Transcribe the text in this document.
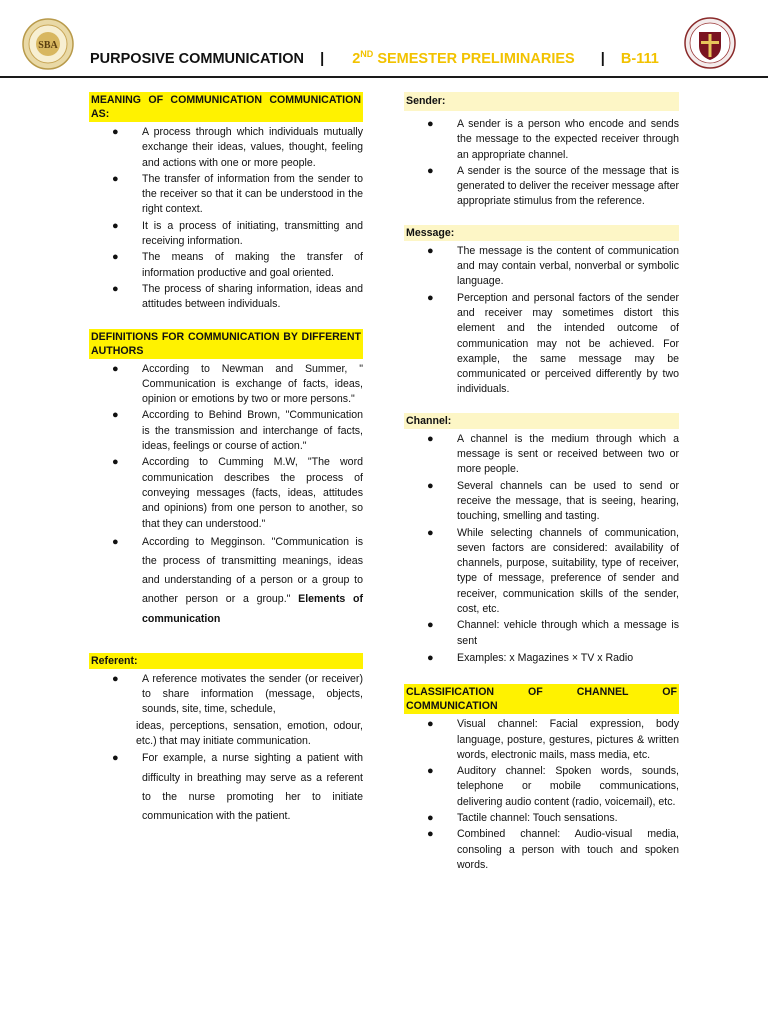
SBA
PURPOSIVE COMMUNICATION | 2ND SEMESTER PRELIMINARIES | B-111
MEANING OF COMMUNICATION COMMUNICATION AS:
● A process through which individuals mutually exchange their ideas, values, thought, feeling and actions with one or more people.
● The transfer of information from the sender to the receiver so that it can be understood in the right context.
● It is a process of initiating, transmitting and receiving information.
● The means of making the transfer of information productive and goal oriented.
● The process of sharing information, ideas and attitudes between individuals.
DEFINITIONS FOR COMMUNICATION BY DIFFERENT AUTHORS
● According to Newman and Summer, " Communication is exchange of facts, ideas, opinion or emotions by two or more persons."
● According to Behind Brown, "Communication is the transmission and interchange of facts, ideas, feelings or course of action."
● According to Cumming M.W, "The word communication describes the process of conveying messages (facts, ideas, attitudes and opinions) from one person to another, so that they can understood."
● According to Megginson. "Communication is the process of transmitting meanings, ideas and understanding of a person or a group to another person or a group." Elements of communication
Referent:
● A reference motivates the sender (or receiver) to share information (message, objects, sounds, site, time, schedule,
ideas, perceptions, sensation, emotion, odour, etc.) that may initiate communication.
● For example, a nurse sighting a patient with difficulty in breathing may serve as a referent to the nurse promoting her to initiate communication with the patient.
Sender:
● A sender is a person who encode and sends the message to the expected receiver through an appropriate channel.
● A sender is the source of the message that is generated to deliver the receiver message after appropriate stimulus from the reference.
Message:
● The message is the content of communication and may contain verbal, nonverbal or symbolic language.
● Perception and personal factors of the sender and receiver may sometimes distort this element and the intended outcome of communication may not be achieved. For example, the same message may be communicated or perceived differently by two individuals.
Channel:
● A channel is the medium through which a message is sent or received between two or more people.
● Several channels can be used to send or receive the message, that is seeing, hearing, touching, smelling and tasting.
● While selecting channels of communication, seven factors are considered: availability of channels, purpose, suitability, type of receiver, type of message, preference of sender and receiver, communication skills of the sender, cost, etc.
● Channel: vehicle through which a message is sent
● Examples: x Magazines × TV x Radio
CLASSIFICATION OF CHANNEL OF COMMUNICATION
● Visual channel: Facial expression, body language, posture, gestures, pictures & written words, electronic mails, mass media, etc.
● Auditory channel: Spoken words, sounds, telephone or mobile communications, delivering audio content (radio, voicemail), etc.
● Tactile channel: Touch sensations.
● Combined channel: Audio-visual media, consoling a person with touch and spoken words.
